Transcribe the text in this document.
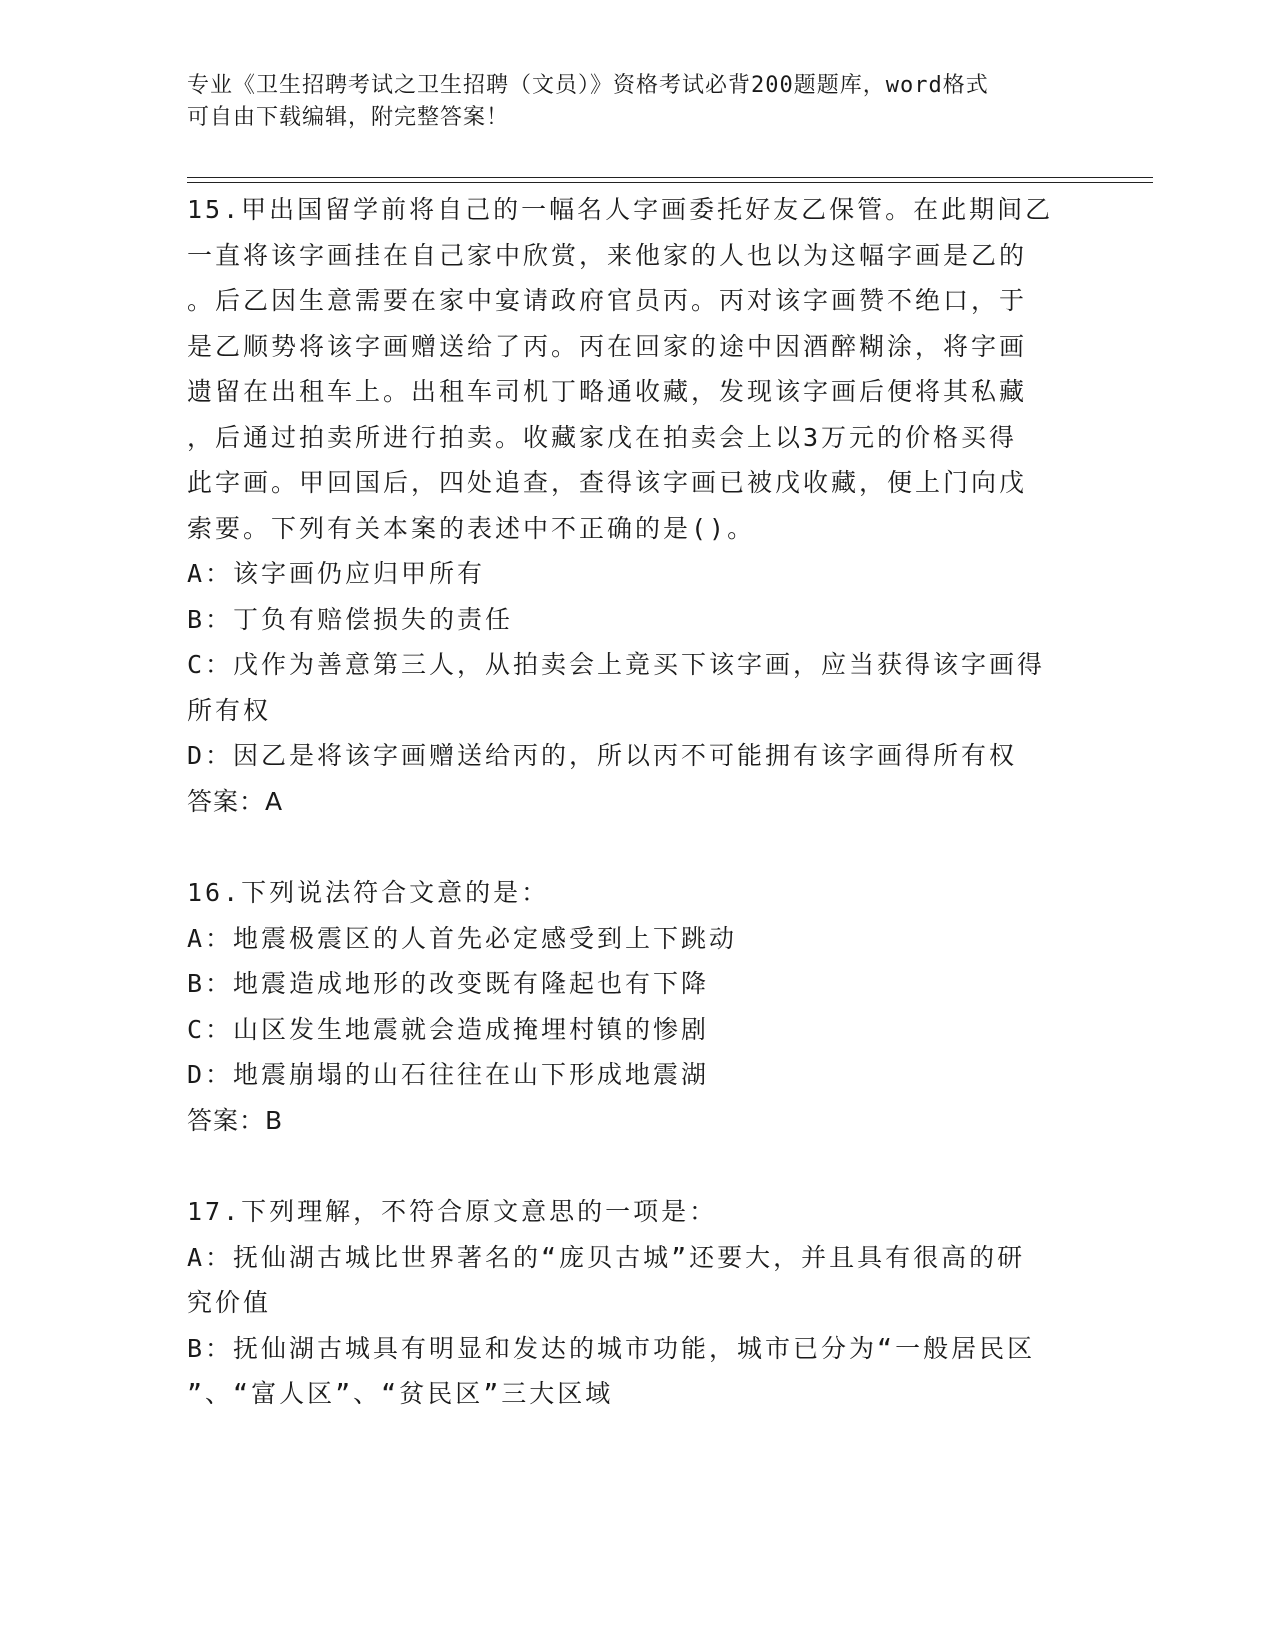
专业《卫生招聘考试之卫生招聘（文员）》资格考试必背200题题库，word格式
可自由下载编辑，附完整答案！
15.甲出国留学前将自己的一幅名人字画委托好友乙保管。在此期间乙
一直将该字画挂在自己家中欣赏，来他家的人也以为这幅字画是乙的
。后乙因生意需要在家中宴请政府官员丙。丙对该字画赞不绝口，于
是乙顺势将该字画赠送给了丙。丙在回家的途中因酒醉糊涂，将字画
遗留在出租车上。出租车司机丁略通收藏，发现该字画后便将其私藏
，后通过拍卖所进行拍卖。收藏家戊在拍卖会上以3万元的价格买得
此字画。甲回国后，四处追查，查得该字画已被戊收藏，便上门向戊
索要。下列有关本案的表述中不正确的是()。
A：该字画仍应归甲所有
B：丁负有赔偿损失的责任
C：戊作为善意第三人，从拍卖会上竟买下该字画，应当获得该字画得
所有权
D：因乙是将该字画赠送给丙的，所以丙不可能拥有该字画得所有权
答案：A
16.下列说法符合文意的是：
A：地震极震区的人首先必定感受到上下跳动
B：地震造成地形的改变既有隆起也有下降
C：山区发生地震就会造成掩埋村镇的惨剧
D：地震崩塌的山石往往在山下形成地震湖
答案：B
17.下列理解，不符合原文意思的一项是：
A：抚仙湖古城比世界著名的“庞贝古城”还要大，并且具有很高的研
究价值
B：抚仙湖古城具有明显和发达的城市功能，城市已分为“一般居民区
”、“富人区”、“贫民区”三大区域
